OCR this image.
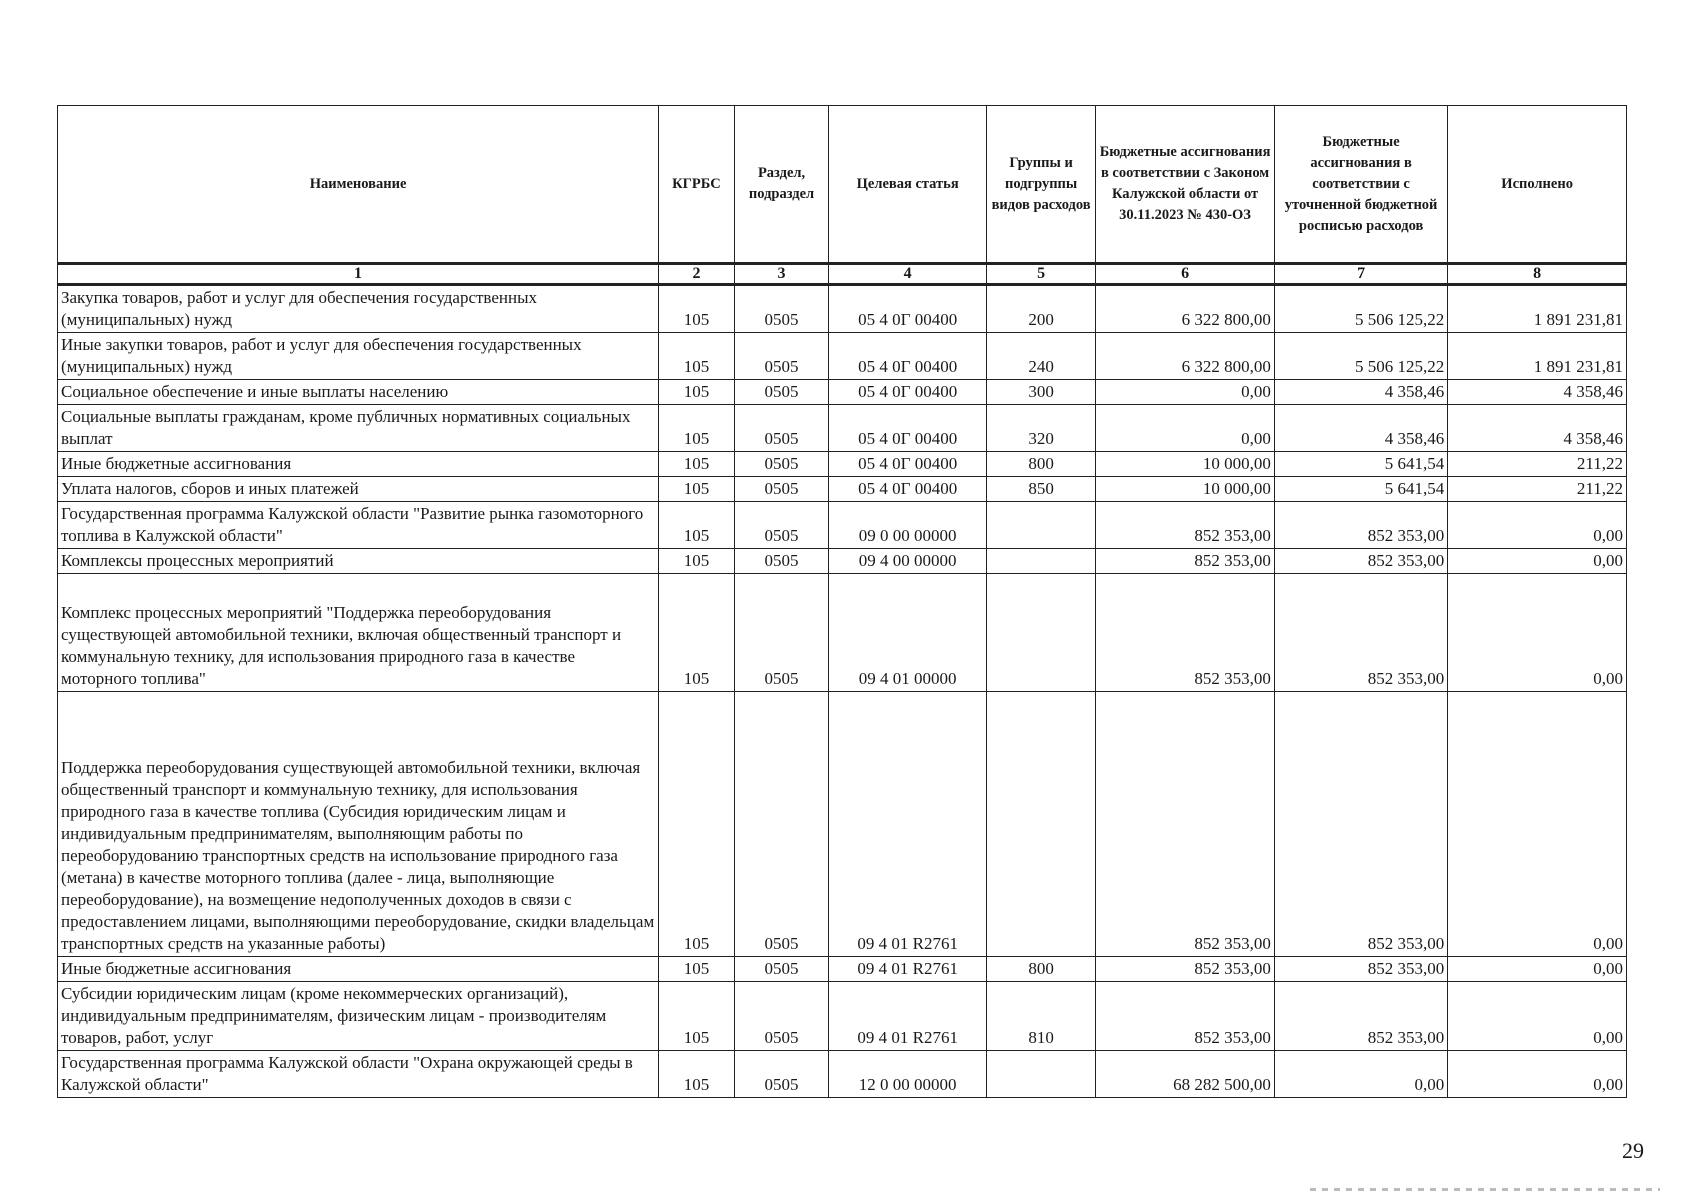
Наименование	КГРБС	Раздел, подраздел	Целевая статья	Группы и подгруппы видов расходов	Бюджетные ассигнования в соответствии с Законом Калужской области от 30.11.2023 № 430-ОЗ	Бюджетные ассигнования в соответствии с уточненной бюджетной росписью расходов	Исполнено
1	2	3	4	5	6	7	8
Закупка товаров, работ и услуг для обеспечения государственных (муниципальных) нужд	105	0505	05 4 0Г 00400	200	6 322 800,00	5 506 125,22	1 891 231,81
Иные закупки товаров, работ и услуг для обеспечения государственных (муниципальных) нужд	105	0505	05 4 0Г 00400	240	6 322 800,00	5 506 125,22	1 891 231,81
Социальное обеспечение и иные выплаты населению	105	0505	05 4 0Г 00400	300	0,00	4 358,46	4 358,46
Социальные выплаты гражданам, кроме публичных нормативных социальных выплат	105	0505	05 4 0Г 00400	320	0,00	4 358,46	4 358,46
Иные бюджетные ассигнования	105	0505	05 4 0Г 00400	800	10 000,00	5 641,54	211,22
Уплата налогов, сборов и иных платежей	105	0505	05 4 0Г 00400	850	10 000,00	5 641,54	211,22
Государственная программа Калужской области "Развитие рынка газомоторного топлива в Калужской области"	105	0505	09 0 00 00000		852 353,00	852 353,00	0,00
Комплексы процессных мероприятий	105	0505	09 4 00 00000		852 353,00	852 353,00	0,00
Комплекс процессных мероприятий "Поддержка переоборудования существующей автомобильной техники, включая общественный транспорт и коммунальную технику, для использования природного газа в качестве моторного топлива"	105	0505	09 4 01 00000		852 353,00	852 353,00	0,00
Поддержка переоборудования существующей автомобильной техники, включая общественный транспорт и коммунальную технику, для использования природного газа в качестве топлива (Субсидия юридическим лицам и индивидуальным предпринимателям, выполняющим работы по переоборудованию транспортных средств на использование природного газа (метана) в качестве моторного топлива (далее - лица, выполняющие переоборудование), на возмещение недополученных доходов в связи с предоставлением лицами, выполняющими переоборудование, скидки владельцам транспортных средств на указанные работы)	105	0505	09 4 01 R2761		852 353,00	852 353,00	0,00
Иные бюджетные ассигнования	105	0505	09 4 01 R2761	800	852 353,00	852 353,00	0,00
Субсидии юридическим лицам (кроме некоммерческих организаций), индивидуальным предпринимателям, физическим лицам - производителям товаров, работ, услуг	105	0505	09 4 01 R2761	810	852 353,00	852 353,00	0,00
Государственная программа Калужской области "Охрана окружающей среды в Калужской области"	105	0505	12 0 00 00000		68 282 500,00	0,00	0,00
29
